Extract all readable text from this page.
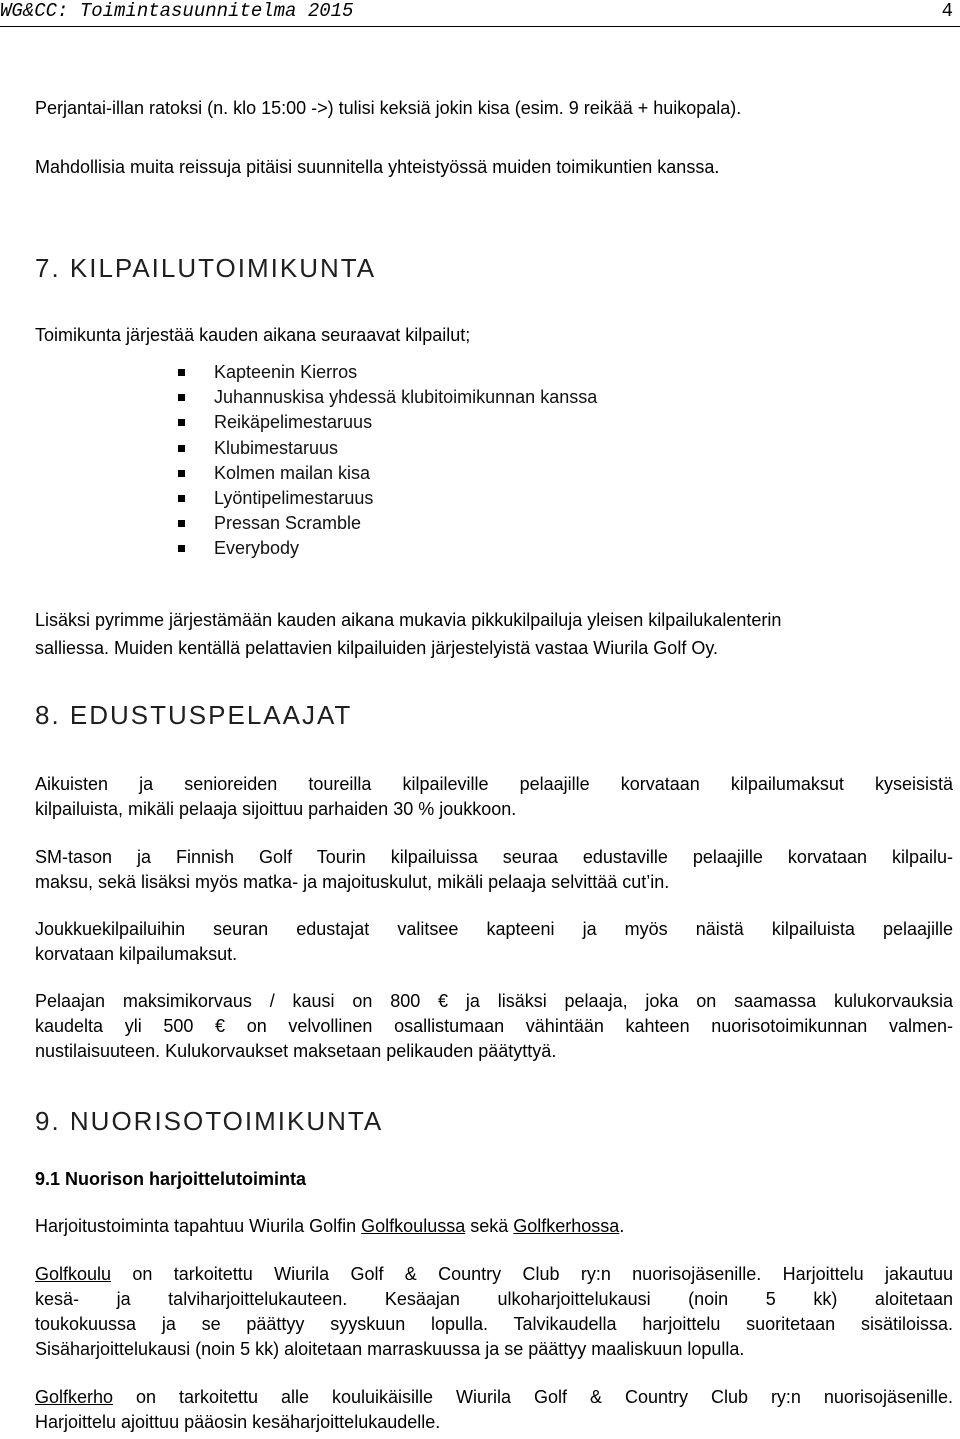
WG&CC: Toimintasuunnitelma 2015	4
Perjantai-illan ratoksi (n. klo 15:00 ->) tulisi keksiä jokin kisa (esim. 9 reikää + huikopala).
Mahdollisia muita reissuja pitäisi suunnitella yhteistyössä muiden toimikuntien kanssa.
7. KILPAILUTOIMIKUNTA
Toimikunta järjestää kauden aikana seuraavat kilpailut;
Kapteenin Kierros
Juhannuskisa yhdessä klubitoimikunnan kanssa
Reikäpelimestaruus
Klubimestaruus
Kolmen mailan kisa
Lyöntipelimestaruus
Pressan Scramble
Everybody
Lisäksi pyrimme järjestämään kauden aikana mukavia pikkukilpailuja yleisen kilpailukalenterin
salliessa. Muiden kentällä pelattavien kilpailuiden järjestelyistä vastaa Wiurila Golf Oy.
8. EDUSTUSPELAAJAT
Aikuisten ja senioreiden toureilla kilpaileville pelaajille korvataan kilpailumaksut kyseisistä
kilpailuista, mikäli pelaaja sijoittuu parhaiden 30 % joukkoon.
SM-tason ja Finnish Golf Tourin kilpailuissa seuraa edustaville pelaajille korvataan kilpailu-
maksu, sekä lisäksi myös matka- ja majoituskulut, mikäli pelaaja selvittää cut’in.
Joukkuekilpailuihin seuran edustajat valitsee kapteeni ja myös näistä kilpailuista pelaajille
korvataan kilpailumaksut.
Pelaajan maksimikorvaus / kausi on 800 € ja lisäksi pelaaja, joka on saamassa kulukorvauksia
kaudelta yli 500 € on velvollinen osallistumaan vähintään kahteen nuorisotoimikunnan valmen-
nustilaisuuteen. Kulukorvaukset maksetaan pelikauden päätyttyä.
9. NUORISOTOIMIKUNTA
9.1 Nuorison harjoittelutoiminta
Harjoitustoiminta tapahtuu Wiurila Golfin Golfkoulussa sekä Golfkerhossa.
Golfkoulu on tarkoitettu Wiurila Golf & Country Club ry:n nuorisojäsenille. Harjoittelu jakautuu
kesä- ja talviharjoittelukauteen. Kesäajan ulkoharjoittelukausi (noin 5 kk) aloitetaan
toukokuussa ja se päättyy syyskuun lopulla. Talvikaudella harjoittelu suoritetaan sisätiloissa.
Sisäharjoittelukausi (noin 5 kk) aloitetaan marraskuussa ja se päättyy maaliskuun lopulla.
Golfkerho on tarkoitettu alle kouluikäisille Wiurila Golf & Country Club ry:n nuorisojäsenille.
Harjoittelu ajoittuu pääosin kesäharjoittelukaudelle.
